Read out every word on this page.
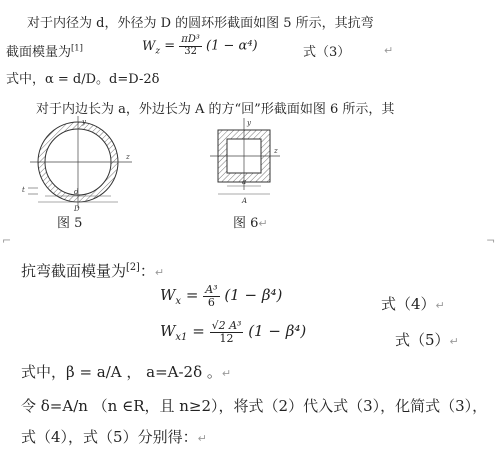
对于内径为 d，外径为 D 的圆环形截面如图 5 所示，其抗弯
截面模量为[1]	$W_z = \frac{\text{πD³}}{32} (1 - \alpha^4)$	式（3）	↵
式中，α = d/D。d=D-2δ
对于内边长为 a，外边长为 A 的方“回”形截面如图 6 所示，其
y
z
t	d
D
y
z
a
A
图 5	图 6↵
⌐	¬
抗弯截面模量为[2]：↵
$W_x = \frac{\text{A³}}{6} (1 - \beta^4)$	式（4）↵
$W_{x1} = \frac{\text{√2 A³}}{12} (1 - \beta^4)$	式（5）↵
式中，β = a/A ， a=A-2δ 。↵
令 δ=A/n （n ∈R，且 n≥2），将式（2）代入式（3），化简式（3），
式（4），式（5）分别得：↵
